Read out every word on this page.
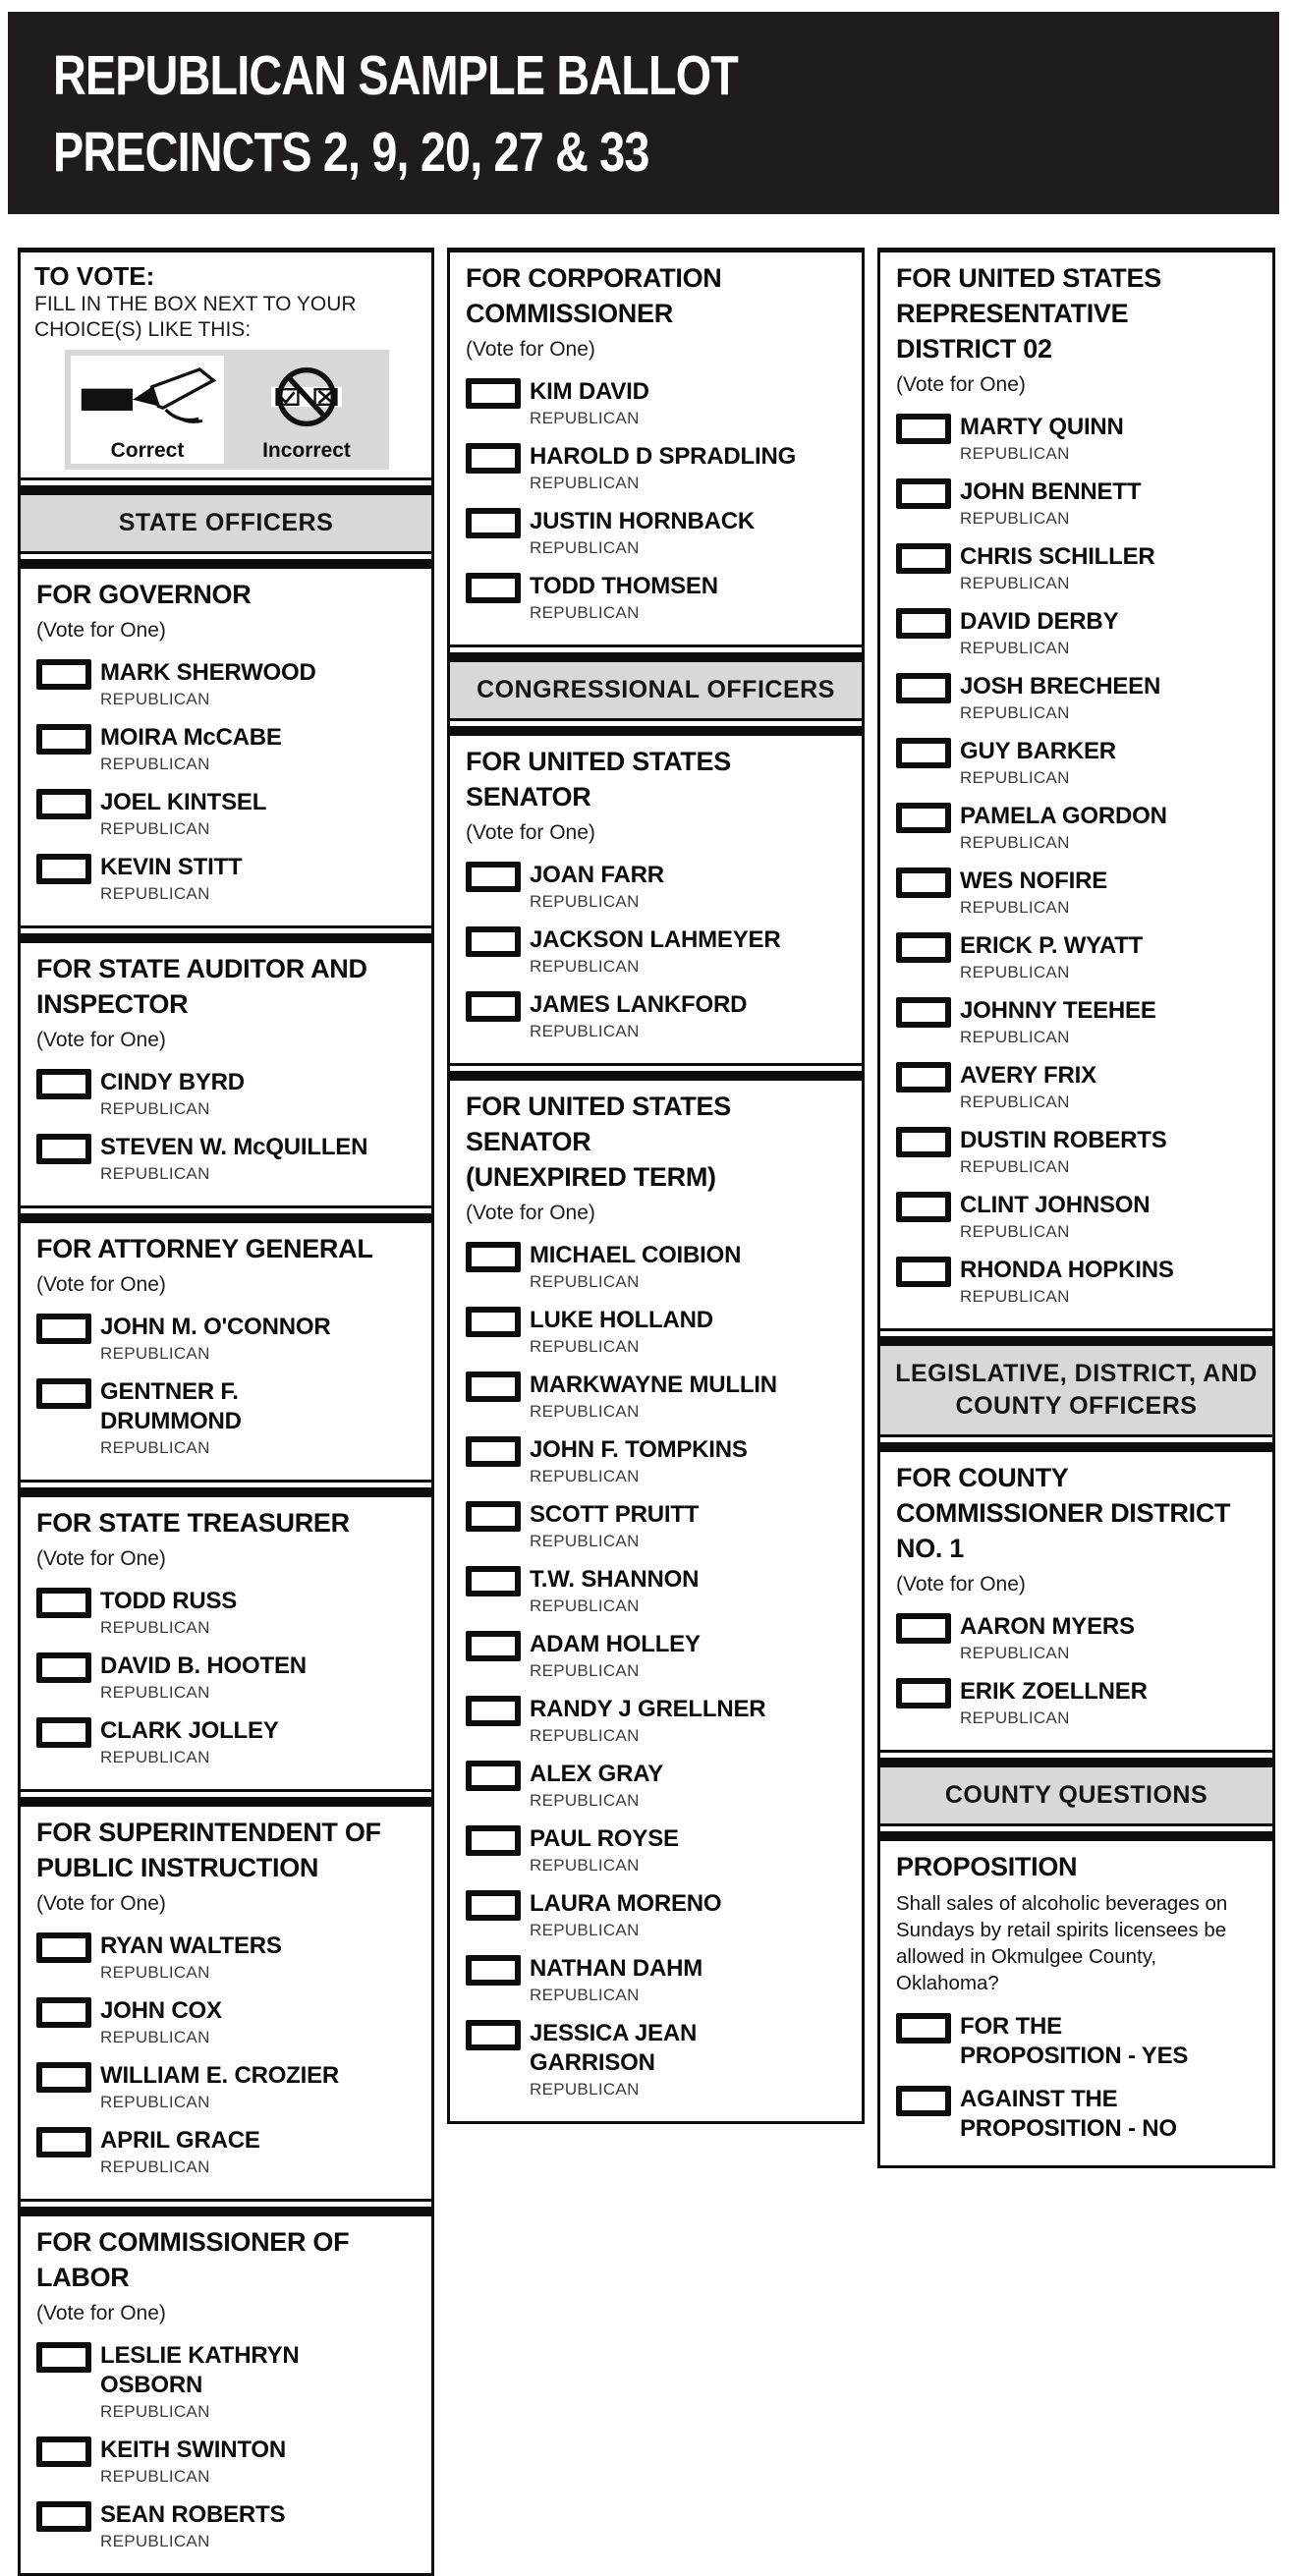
REPUBLICAN SAMPLE BALLOT
PRECINCTS 2, 9, 20, 27 & 33
TO VOTE:
FILL IN THE BOX NEXT TO YOUR
CHOICE(S) LIKE THIS:
Correct	Incorrect
STATE OFFICERS
FOR GOVERNOR
(Vote for One)
MARK SHERWOOD
REPUBLICAN
MOIRA McCABE
REPUBLICAN
JOEL KINTSEL
REPUBLICAN
KEVIN STITT
REPUBLICAN
FOR STATE AUDITOR AND
INSPECTOR
(Vote for One)
CINDY BYRD
REPUBLICAN
STEVEN W. McQUILLEN
REPUBLICAN
FOR ATTORNEY GENERAL
(Vote for One)
JOHN M. O'CONNOR
REPUBLICAN
GENTNER F.
DRUMMOND
REPUBLICAN
FOR STATE TREASURER
(Vote for One)
TODD RUSS
REPUBLICAN
DAVID B. HOOTEN
REPUBLICAN
CLARK JOLLEY
REPUBLICAN
FOR SUPERINTENDENT OF
PUBLIC INSTRUCTION
(Vote for One)
RYAN WALTERS
REPUBLICAN
JOHN COX
REPUBLICAN
WILLIAM E. CROZIER
REPUBLICAN
APRIL GRACE
REPUBLICAN
FOR COMMISSIONER OF
LABOR
(Vote for One)
LESLIE KATHRYN
OSBORN
REPUBLICAN
KEITH SWINTON
REPUBLICAN
SEAN ROBERTS
REPUBLICAN
FOR CORPORATION
COMMISSIONER
(Vote for One)
KIM DAVID
REPUBLICAN
HAROLD D SPRADLING
REPUBLICAN
JUSTIN HORNBACK
REPUBLICAN
TODD THOMSEN
REPUBLICAN
CONGRESSIONAL OFFICERS
FOR UNITED STATES
SENATOR
(Vote for One)
JOAN FARR
REPUBLICAN
JACKSON LAHMEYER
REPUBLICAN
JAMES LANKFORD
REPUBLICAN
FOR UNITED STATES
SENATOR
(UNEXPIRED TERM)
(Vote for One)
MICHAEL COIBION
REPUBLICAN
LUKE HOLLAND
REPUBLICAN
MARKWAYNE MULLIN
REPUBLICAN
JOHN F. TOMPKINS
REPUBLICAN
SCOTT PRUITT
REPUBLICAN
T.W. SHANNON
REPUBLICAN
ADAM HOLLEY
REPUBLICAN
RANDY J GRELLNER
REPUBLICAN
ALEX GRAY
REPUBLICAN
PAUL ROYSE
REPUBLICAN
LAURA MORENO
REPUBLICAN
NATHAN DAHM
REPUBLICAN
JESSICA JEAN
GARRISON
REPUBLICAN
FOR UNITED STATES
REPRESENTATIVE
DISTRICT 02
(Vote for One)
MARTY QUINN
REPUBLICAN
JOHN BENNETT
REPUBLICAN
CHRIS SCHILLER
REPUBLICAN
DAVID DERBY
REPUBLICAN
JOSH BRECHEEN
REPUBLICAN
GUY BARKER
REPUBLICAN
PAMELA GORDON
REPUBLICAN
WES NOFIRE
REPUBLICAN
ERICK P. WYATT
REPUBLICAN
JOHNNY TEEHEE
REPUBLICAN
AVERY FRIX
REPUBLICAN
DUSTIN ROBERTS
REPUBLICAN
CLINT JOHNSON
REPUBLICAN
RHONDA HOPKINS
REPUBLICAN
LEGISLATIVE, DISTRICT, AND
COUNTY OFFICERS
FOR COUNTY
COMMISSIONER DISTRICT
NO. 1
(Vote for One)
AARON MYERS
REPUBLICAN
ERIK ZOELLNER
REPUBLICAN
COUNTY QUESTIONS
PROPOSITION
Shall sales of alcoholic beverages on Sundays by retail spirits licensees be allowed in Okmulgee County, Oklahoma?
FOR THE
PROPOSITION - YES
AGAINST THE
PROPOSITION - NO
